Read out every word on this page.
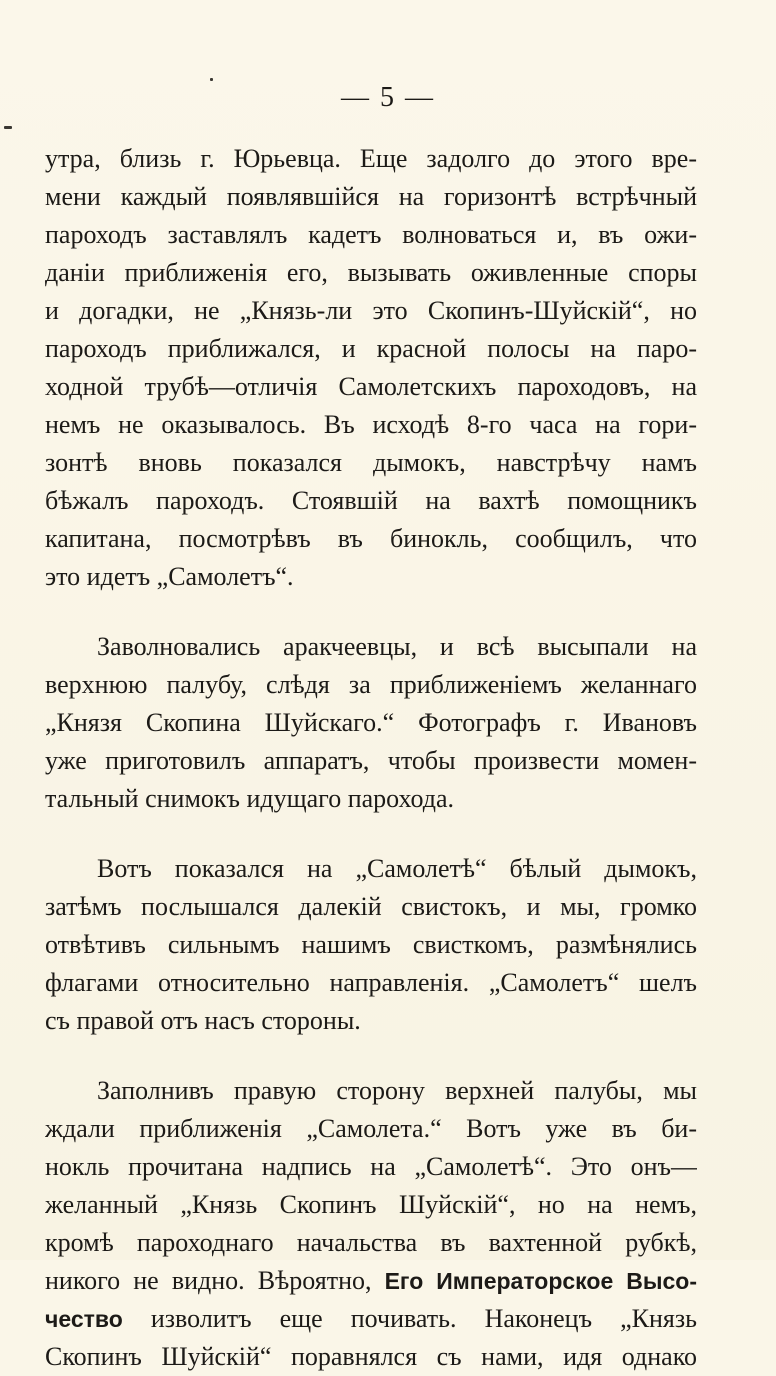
— 5 —
утра, близь г. Юрьевца. Еще задолго до этого вре-
мени каждый появлявшійся на горизонтѣ встрѣчный
пароходъ заставлялъ кадетъ волноваться и, въ ожи-
даніи приближенія его, вызывать оживленные споры
и догадки, не „Князь-ли это Скопинъ-Шуйскій“, но
пароходъ приближался, и красной полосы на паро-
ходной трубѣ—отличія Самолетскихъ пароходовъ, на
немъ не оказывалось. Въ исходѣ 8-го часа на гори-
зонтѣ вновь показался дымокъ, навстрѣчу намъ
бѣжалъ пароходъ. Стоявшій на вахтѣ помощникъ
капитана, посмотрѣвъ въ бинокль, сообщилъ, что
это идетъ „Самолетъ“.
Заволновались аракчеевцы, и всѣ высыпали на
верхнюю палубу, слѣдя за приближеніемъ желаннаго
„Князя Скопина Шуйскаго.“ Фотографъ г. Ивановъ
уже приготовилъ аппаратъ, чтобы произвести момен-
тальный снимокъ идущаго парохода.
Вотъ показался на „Самолетѣ“ бѣлый дымокъ,
затѣмъ послышался далекій свистокъ, и мы, громко
отвѣтивъ сильнымъ нашимъ свисткомъ, размѣнялись
флагами относительно направленія. „Самолетъ“ шелъ
съ правой отъ насъ стороны.
Заполнивъ правую сторону верхней палубы, мы
ждали приближенія „Самолета.“ Вотъ уже въ би-
нокль прочитана надпись на „Самолетѣ“. Это онъ—
желанный „Князь Скопинъ Шуйскій“, но на немъ,
кромѣ пароходнаго начальства въ вахтенной рубкѣ,
никого не видно. Вѣроятно, Его Императорское Высо-
чество изволитъ еще почивать. Наконецъ „Князь
Скопинъ Шуйскій“ поравнялся съ нами, идя однако
